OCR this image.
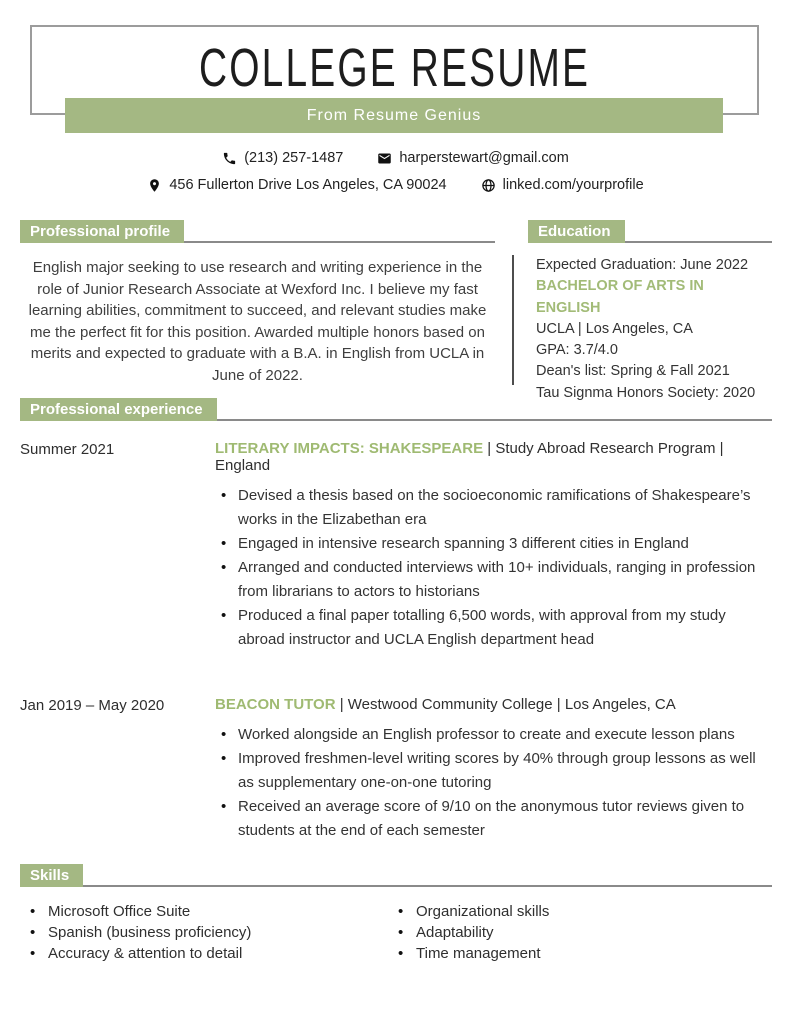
COLLEGE RESUME
From Resume Genius
(213) 257-1487	harperstewart@gmail.com
456 Fullerton Drive Los Angeles, CA 90024	linked.com/yourprofile
Professional profile

English major seeking to use research and writing experience in the role of Junior Research Associate at Wexford Inc. I believe my fast learning abilities, commitment to succeed, and relevant studies make me the perfect fit for this position. Awarded multiple honors based on merits and expected to graduate with a B.A. in English from UCLA in June of 2022.

Education
Expected Graduation: June 2022
BACHELOR OF ARTS IN ENGLISH
UCLA | Los Angeles, CA
GPA: 3.7/4.0
Dean's list: Spring & Fall 2021
Tau Signma Honors Society: 2020
Professional experience
Summer 2021	LITERARY IMPACTS: SHAKESPEARE | Study Abroad Research Program | England
• Devised a thesis based on the socioeconomic ramifications of Shakespeare’s works in the Elizabethan era
• Engaged in intensive research spanning 3 different cities in England
• Arranged and conducted interviews with 10+ individuals, ranging in profession from librarians to actors to historians
• Produced a final paper totalling 6,500 words, with approval from my study abroad instructor and UCLA English department head
Jan 2019 – May 2020	BEACON TUTOR | Westwood Community College | Los Angeles, CA
• Worked alongside an English professor to create and execute lesson plans
• Improved freshmen-level writing scores by 40% through group lessons as well as supplementary one-on-one tutoring
• Received an average score of 9/10 on the anonymous tutor reviews given to students at the end of each semester
Skills
• Microsoft Office Suite
• Spanish (business proficiency)
• Accuracy & attention to detail
• Organizational skills
• Adaptability
• Time management
